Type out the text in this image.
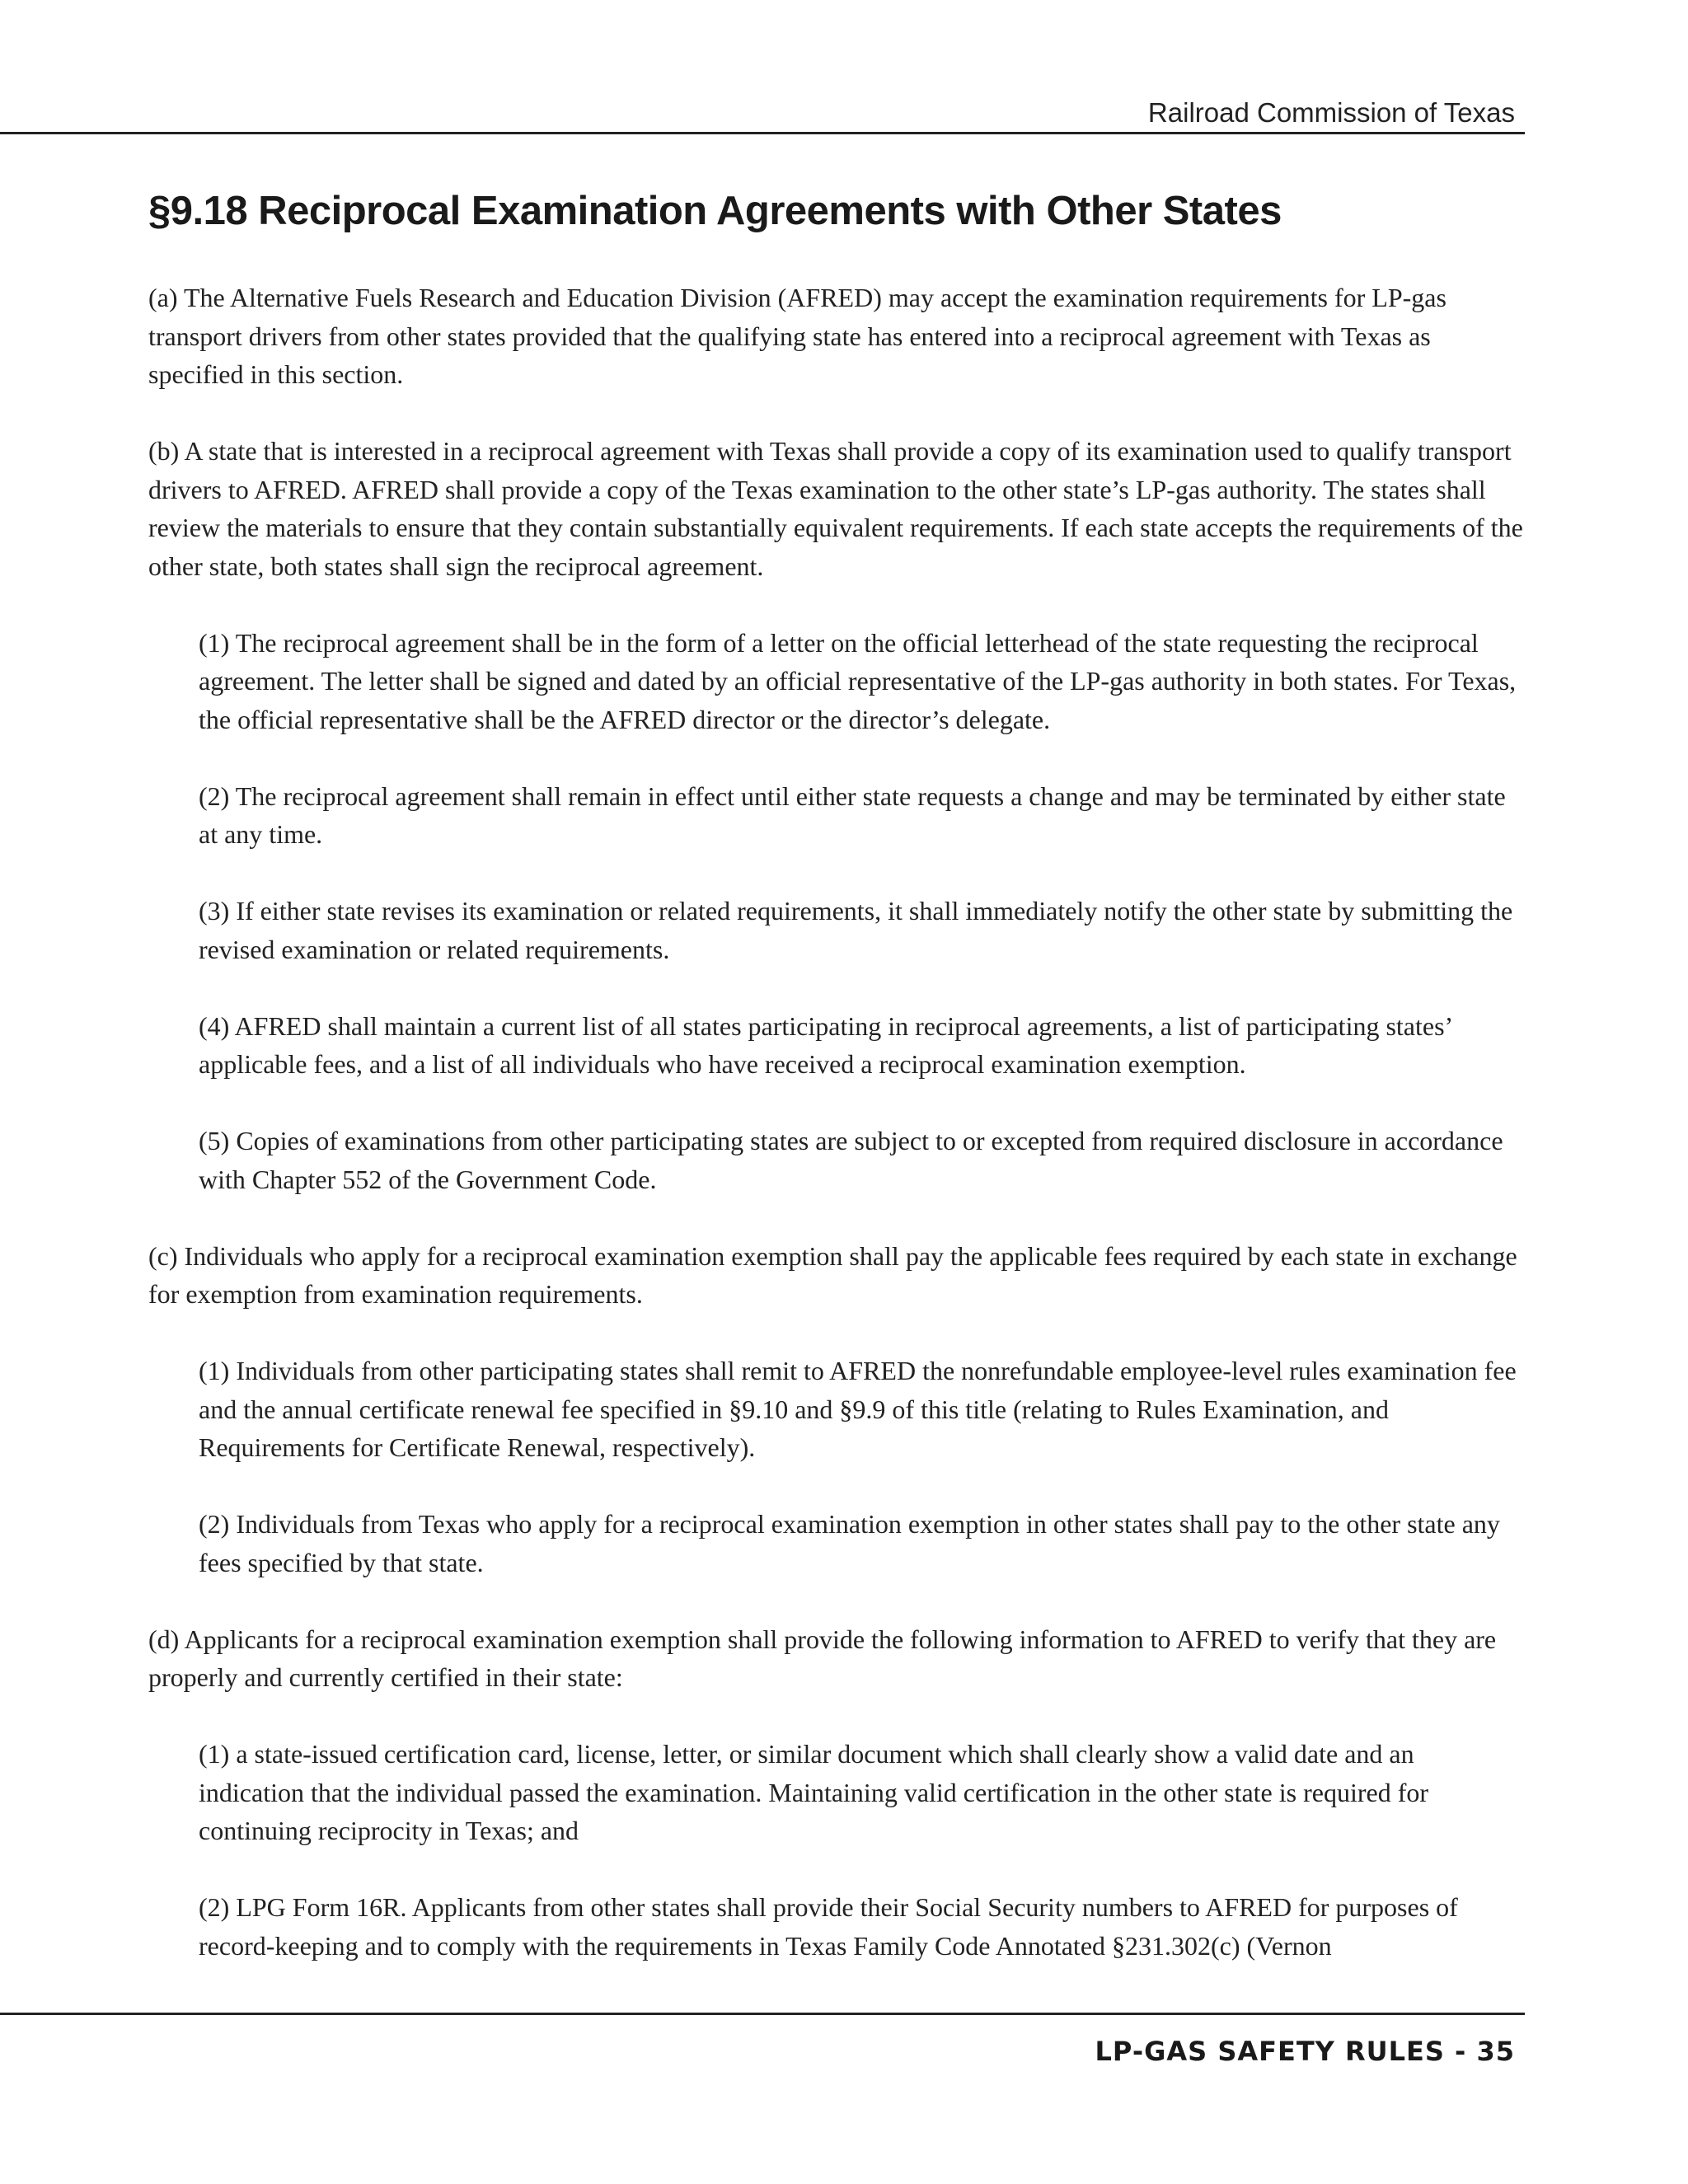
Railroad Commission of Texas
§9.18 Reciprocal Examination Agreements with Other States

(a) The Alternative Fuels Research and Education Division (AFRED) may accept the examination requirements for LP-gas transport drivers from other states provided that the qualifying state has entered into a reciprocal agreement with Texas as specified in this section.

(b) A state that is interested in a reciprocal agreement with Texas shall provide a copy of its examination used to qualify transport drivers to AFRED. AFRED shall provide a copy of the Texas examination to the other state’s LP-gas authority. The states shall review the materials to ensure that they contain substantially equivalent requirements. If each state accepts the requirements of the other state, both states shall sign the reciprocal agreement.

(1) The reciprocal agreement shall be in the form of a letter on the official letterhead of the state requesting the reciprocal agreement. The letter shall be signed and dated by an official representative of the LP-gas authority in both states. For Texas, the official representative shall be the AFRED director or the director’s delegate.

(2) The reciprocal agreement shall remain in effect until either state requests a change and may be terminated by either state at any time.

(3) If either state revises its examination or related requirements, it shall immediately notify the other state by submitting the revised examination or related requirements.

(4) AFRED shall maintain a current list of all states participating in reciprocal agreements, a list of participating states’ applicable fees, and a list of all individuals who have received a reciprocal examination exemption.

(5) Copies of examinations from other participating states are subject to or excepted from required disclosure in accordance with Chapter 552 of the Government Code.

(c) Individuals who apply for a reciprocal examination exemption shall pay the applicable fees required by each state in exchange for exemption from examination requirements.

(1) Individuals from other participating states shall remit to AFRED the nonrefundable employee-level rules examination fee and the annual certificate renewal fee specified in §9.10 and §9.9 of this title (relating to Rules Examination, and Requirements for Certificate Renewal, respectively).

(2) Individuals from Texas who apply for a reciprocal examination exemption in other states shall pay to the other state any fees specified by that state.

(d) Applicants for a reciprocal examination exemption shall provide the following information to AFRED to verify that they are properly and currently certified in their state:

(1) a state-issued certification card, license, letter, or similar document which shall clearly show a valid date and an indication that the individual passed the examination. Maintaining valid certification in the other state is required for continuing reciprocity in Texas; and

(2) LPG Form 16R. Applicants from other states shall provide their Social Security numbers to AFRED for purposes of record-keeping and to comply with the requirements in Texas Family Code Annotated §231.302(c) (Vernon

LP-GAS SAFETY RULES - 35
